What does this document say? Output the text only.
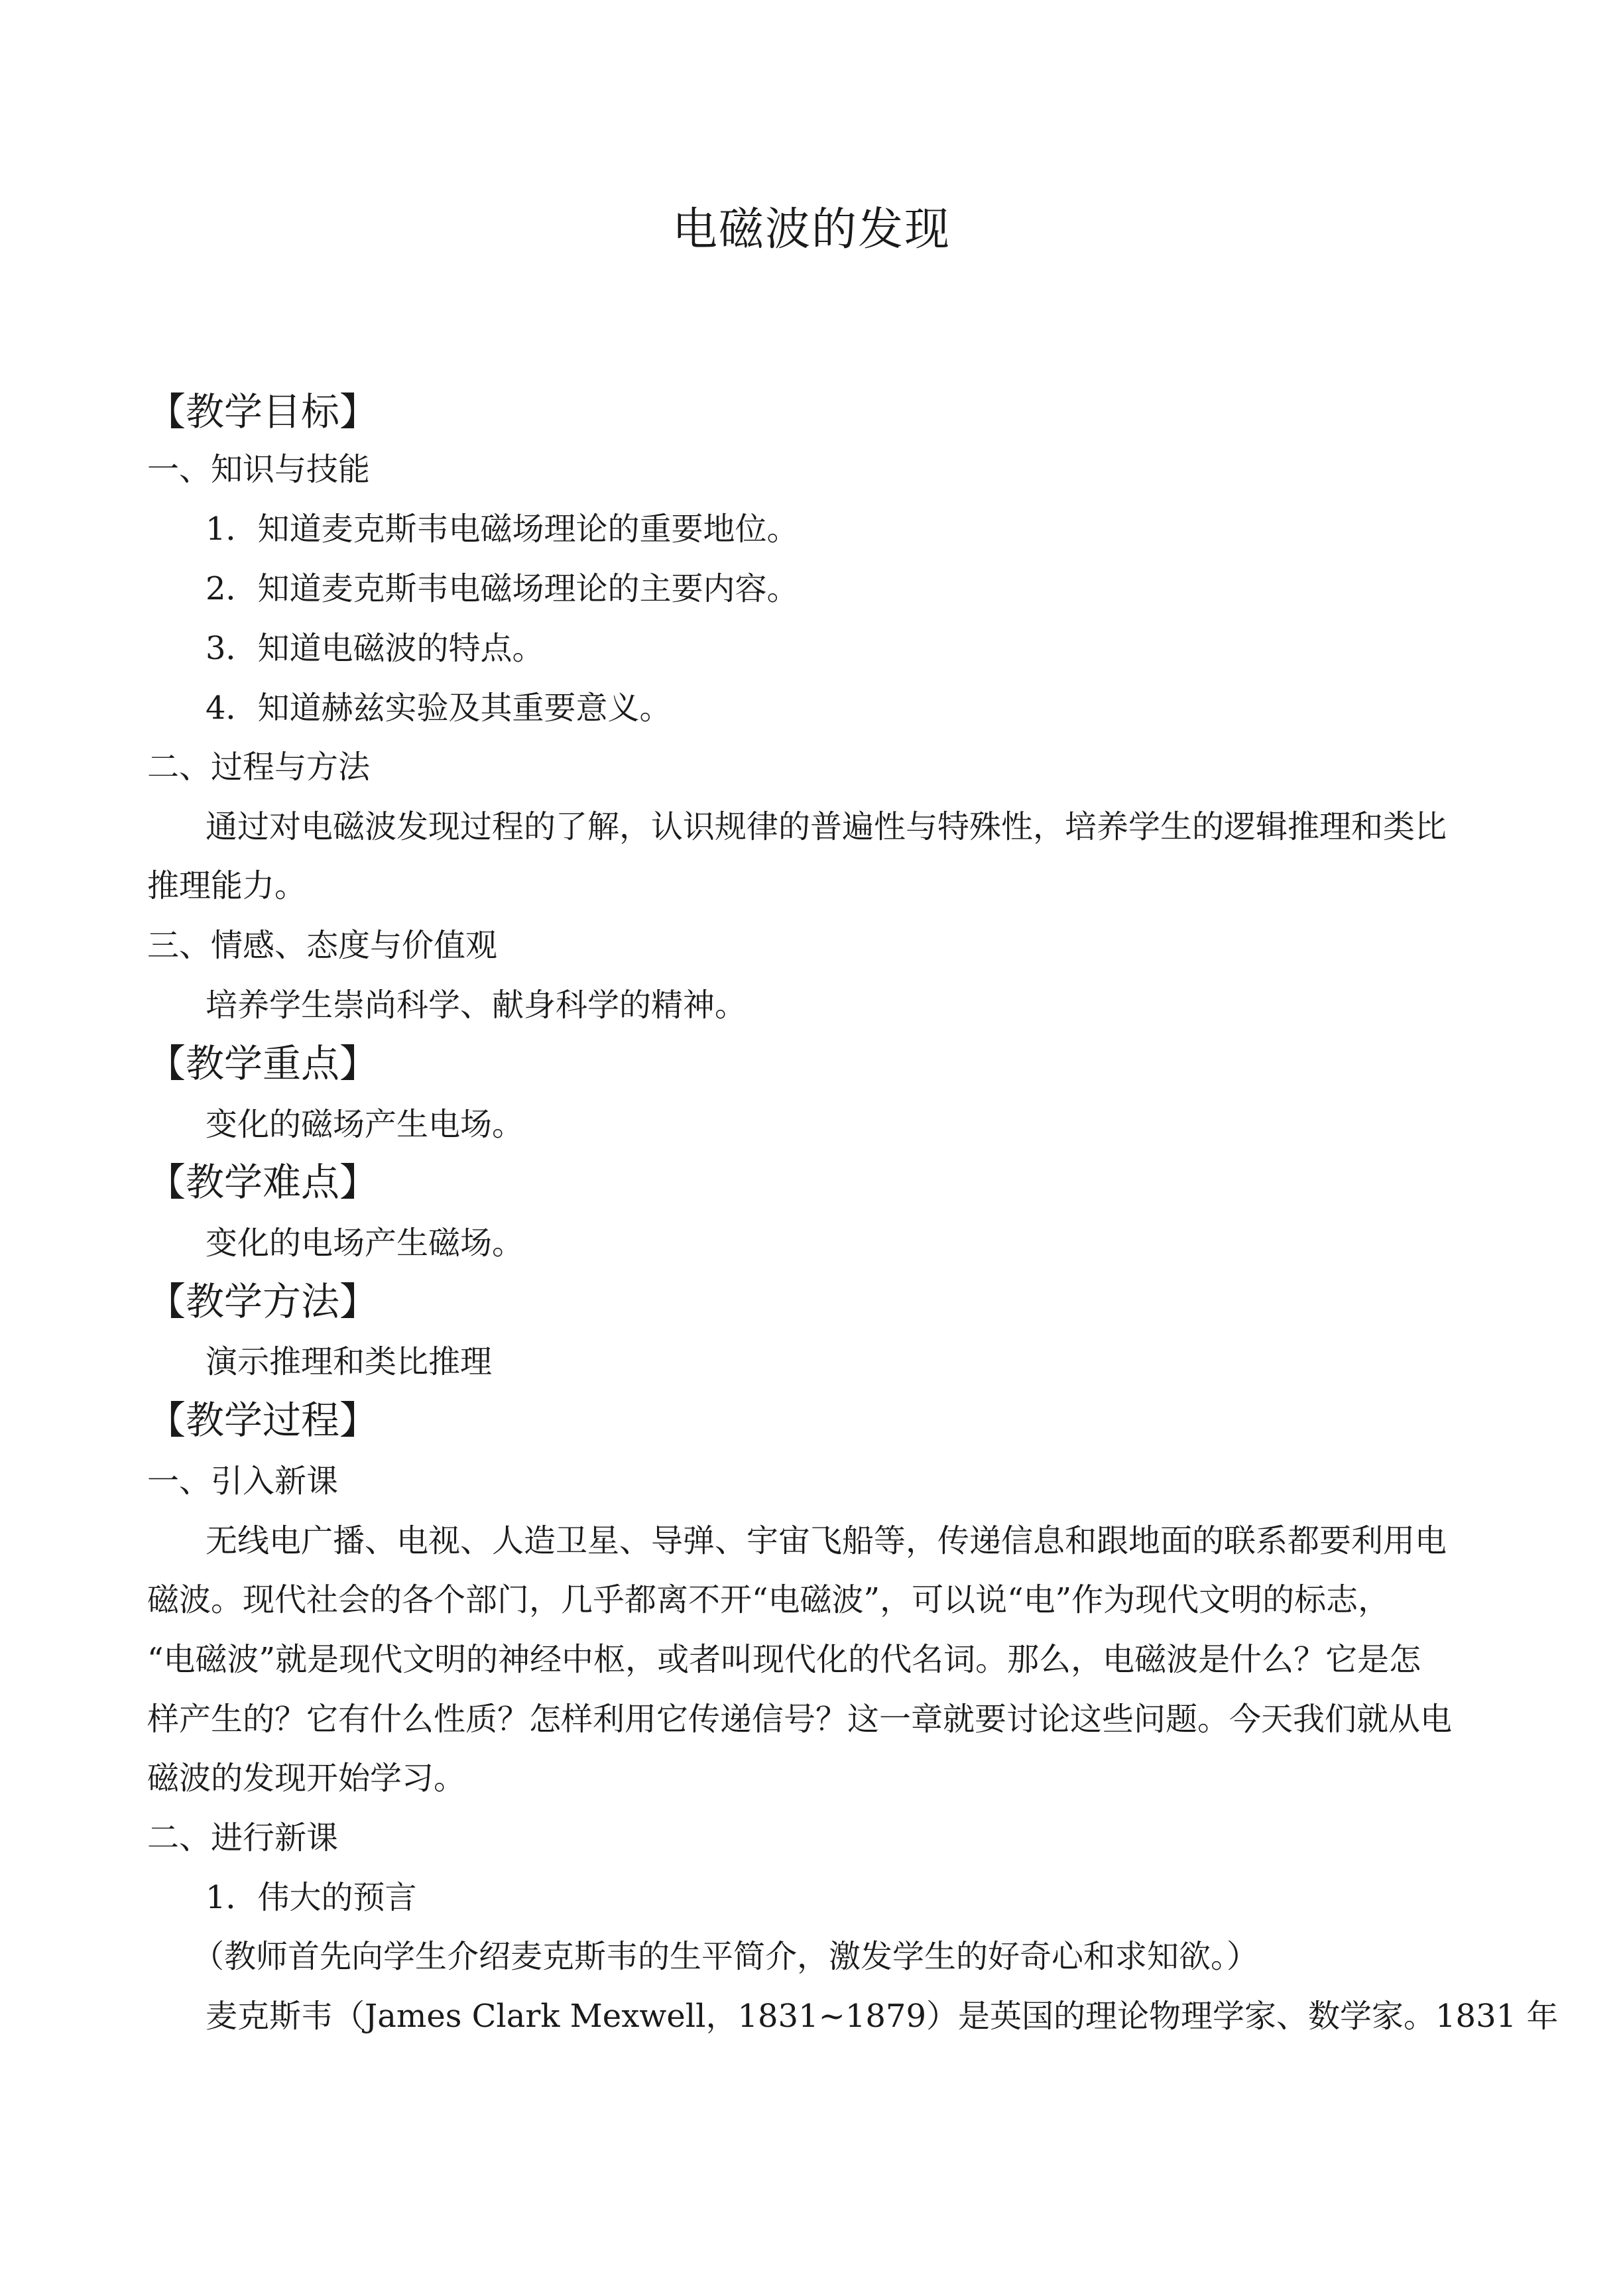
电磁波的发现
【教学目标】
一、知识与技能
1．知道麦克斯韦电磁场理论的重要地位。
2．知道麦克斯韦电磁场理论的主要内容。
3．知道电磁波的特点。
4．知道赫兹实验及其重要意义。
二、过程与方法
通过对电磁波发现过程的了解，认识规律的普遍性与特殊性，培养学生的逻辑推理和类比
推理能力。
三、情感、态度与价值观
培养学生崇尚科学、献身科学的精神。
【教学重点】
变化的磁场产生电场。
【教学难点】
变化的电场产生磁场。
【教学方法】
演示推理和类比推理
【教学过程】
一、引入新课
无线电广播、电视、人造卫星、导弹、宇宙飞船等，传递信息和跟地面的联系都要利用电
磁波。现代社会的各个部门，几乎都离不开“电磁波”，可以说“电”作为现代文明的标志，
“电磁波”就是现代文明的神经中枢，或者叫现代化的代名词。那么，电磁波是什么？它是怎
样产生的？它有什么性质？怎样利用它传递信号？这一章就要讨论这些问题。今天我们就从电
磁波的发现开始学习。
二、进行新课
1．伟大的预言
（教师首先向学生介绍麦克斯韦的生平简介，激发学生的好奇心和求知欲。）
麦克斯韦（James Clark Mexwell，1831~1879）是英国的理论物理学家、数学家。1831 年
